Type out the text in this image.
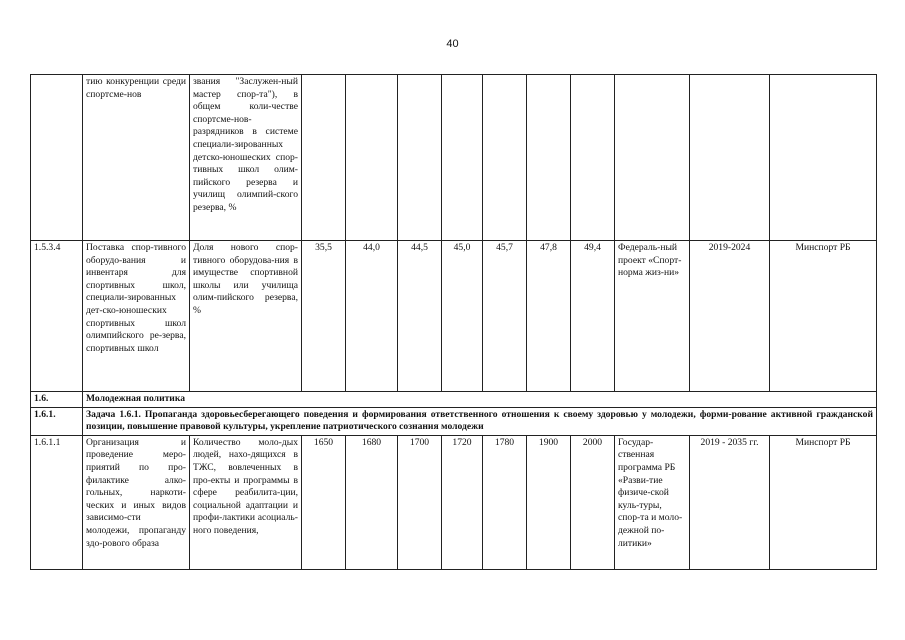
40
	тию конкуренции среди спортсме-нов	звания "Заслужен-ный мастер спор-та"), в общем коли-честве спортсме-нов-разрядников в системе специали-зированных детско-юношеских спор-тивных школ олим-пийского резерва и училищ олимпий-ского резерва, %										
1.5.3.4	Поставка спор-тивного оборудо-вания и инвентаря для спортивных школ, специали-зированных дет-ско-юношеских спортивных школ олимпийского ре-зерва, спортивных школ	Доля нового спор-тивного оборудова-ния в имуществе спортивной школы или училища олим-пийского резерва, %	35,5	44,0	44,5	45,0	45,7	47,8	49,4	Федераль-ный проект «Спорт-норма жиз-ни»	2019-2024	Минспорт РБ
1.6.	Молодежная политика											
1.6.1.	Задача 1.6.1. Пропаганда здоровьесберегающего поведения и формирования ответственного отношения к своему здоровью у молодежи, форми-рование активной гражданской позиции, повышение правовой культуры, укрепление патриотического сознания молодежи											
1.6.1.1	Организация и проведение меро-приятий по про-филактике алко-гольных, наркоти-ческих и иных видов зависимо-сти молодежи, пропаганду здо-рового образа	Количество моло-дых людей, нахо-дящихся в ТЖС, вовлеченных в про-екты и программы в сфере реабилита-ции, социальной адаптации и профи-лактики асоциаль-ного поведения,	1650	1680	1700	1720	1780	1900	2000	Государ-ственная программа РБ «Разви-тие физиче-ской куль-туры, спор-та и моло-дежной по-литики»	2019 - 2035 гг.	Минспорт РБ
